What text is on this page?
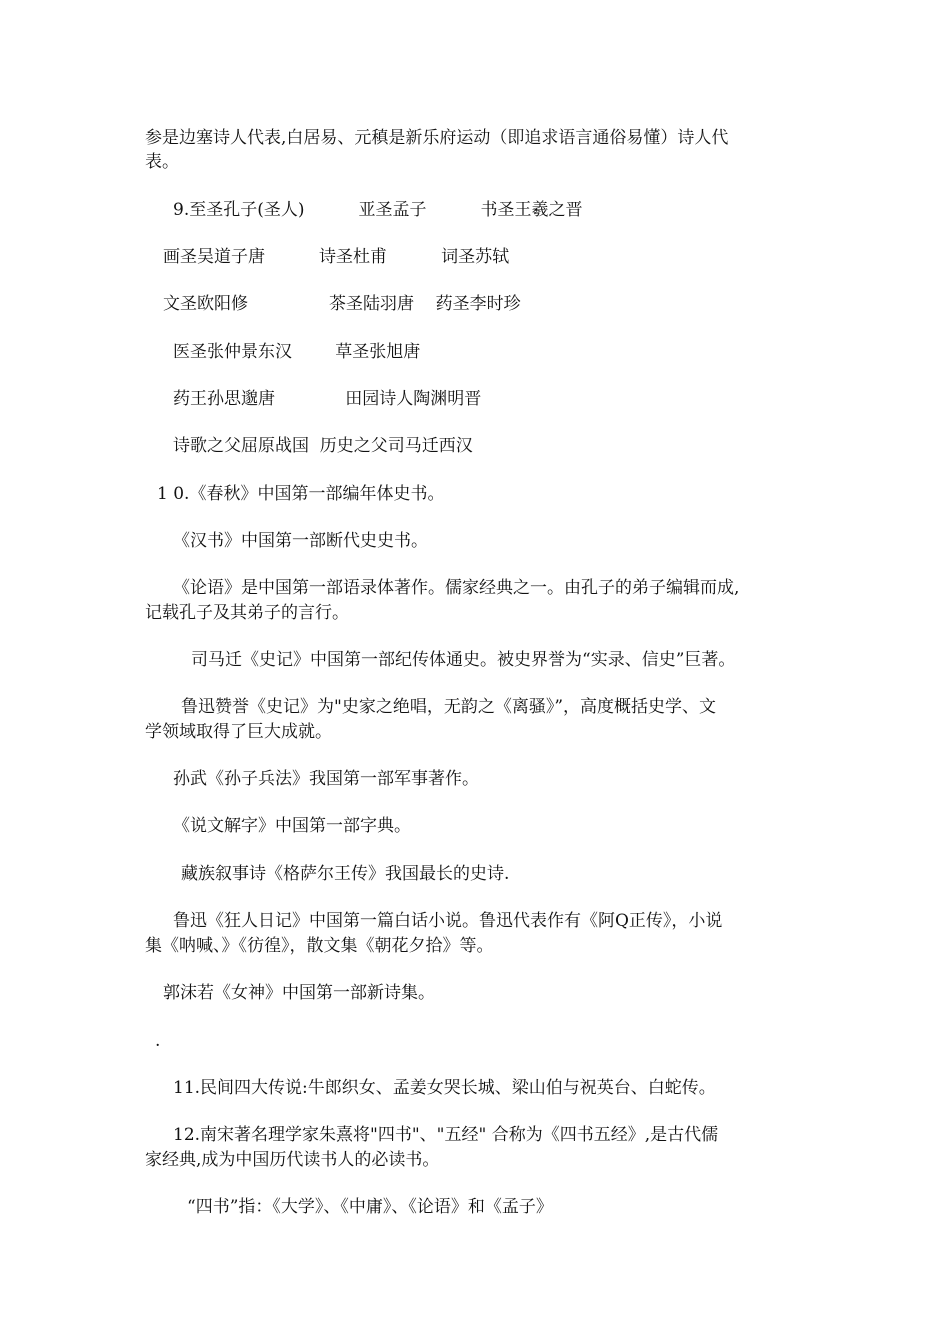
参是边塞诗人代表,白居易、元稹是新乐府运动（即追求语言通俗易懂）诗人代

表。

9.至圣孔子(圣人)          亚圣孟子          书圣王羲之晋

画圣吴道子唐          诗圣杜甫          词圣苏轼

文圣欧阳修               茶圣陆羽唐    药圣李时珍

医圣张仲景东汉        草圣张旭唐

药王孙思邈唐             田园诗人陶渊明晋

诗歌之父屈原战国  历史之父司马迁西汉

1 0.《春秋》中国第一部编年体史书。

《汉书》中国第一部断代史史书。

《论语》是中国第一部语录体著作。儒家经典之一。由孔子的弟子编辑而成,

记载孔子及其弟子的言行。

司马迁《史记》中国第一部纪传体通史。被史界誉为“实录、信史”巨著。

鲁迅赞誉《史记》为"史家之绝唱，无韵之《离骚》”，高度概括史学、文

学领域取得了巨大成就。

孙武《孙子兵法》我国第一部军事著作。

《说文解字》中国第一部字典。

藏族叙事诗《格萨尔王传》我国最长的史诗.

鲁迅《狂人日记》中国第一篇白话小说。鲁迅代表作有《阿Q正传》，小说

集《呐喊、》《彷徨》，散文集《朝花夕拾》等。

郭沫若《女神》中国第一部新诗集。

.

11.民间四大传说:牛郎织女、孟姜女哭长城、梁山伯与祝英台、白蛇传。

12.南宋著名理学家朱熹将"四书"、"五经" 合称为《四书五经》,是古代儒

家经典,成为中国历代读书人的必读书。

“四书”指：《大学》、《中庸》、《论语》和《孟子》
